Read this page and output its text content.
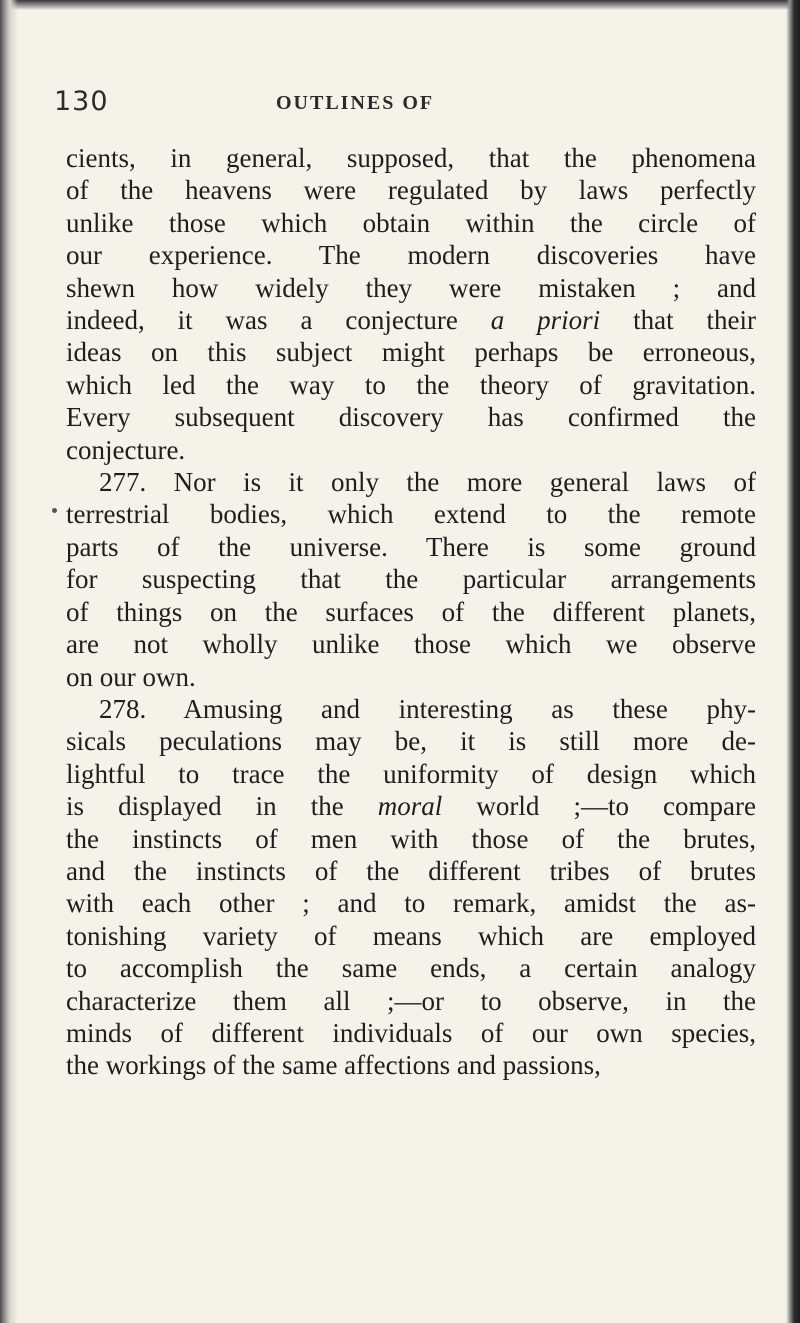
130	OUTLINES OF
cients, in general, supposed, that the phenomena
of the heavens were regulated by laws perfectly
unlike those which obtain within the circle of
our experience. The modern discoveries have
shewn how widely they were mistaken ; and
indeed, it was a conjecture a priori that their
ideas on this subject might perhaps be erroneous,
which led the way to the theory of gravitation.
Every subsequent discovery has confirmed the
conjecture.
277. Nor is it only the more general laws of
terrestrial bodies, which extend to the remote
parts of the universe. There is some ground
for suspecting that the particular arrangements
of things on the surfaces of the different planets,
are not wholly unlike those which we observe
on our own.
278. Amusing and interesting as these phy-
sicals peculations may be, it is still more de-
lightful to trace the uniformity of design which
is displayed in the moral world ;—to compare
the instincts of men with those of the brutes,
and the instincts of the different tribes of brutes
with each other ; and to remark, amidst the as-
tonishing variety of means which are employed
to accomplish the same ends, a certain analogy
characterize them all ;—or to observe, in the
minds of different individuals of our own species,
the workings of the same affections and passions,
